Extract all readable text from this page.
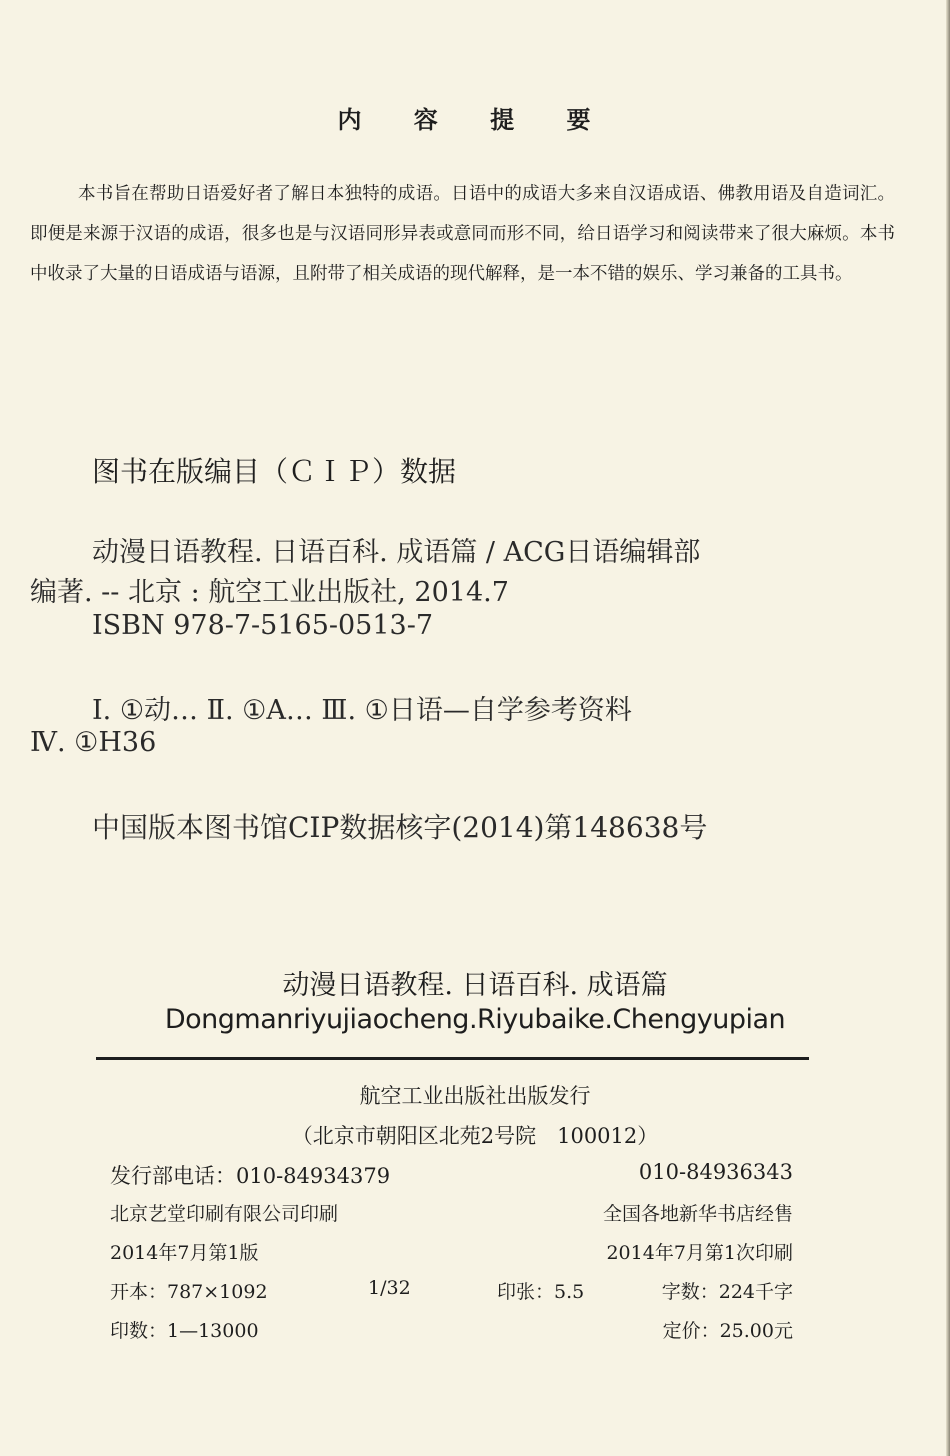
内 容 提 要
本书旨在帮助日语爱好者了解日本独特的成语。日语中的成语大多来自汉语成语、佛教用语及自造词汇。即便是来源于汉语的成语，很多也是与汉语同形异表或意同而形不同，给日语学习和阅读带来了很大麻烦。本书中收录了大量的日语成语与语源，且附带了相关成语的现代解释，是一本不错的娱乐、学习兼备的工具书。
图书在版编目（ＣＩＰ）数据
动漫日语教程. 日语百科. 成语篇 / ACG日语编辑部
编著. -- 北京 : 航空工业出版社, 2014.7
ISBN 978-7-5165-0513-7
Ⅰ. ①动… Ⅱ. ①A… Ⅲ. ①日语—自学参考资料
Ⅳ. ①H36
中国版本图书馆CIP数据核字(2014)第148638号
动漫日语教程. 日语百科. 成语篇
Dongmanriyujiaocheng.Riyubaike.Chengyupian
航空工业出版社出版发行
（北京市朝阳区北苑2号院　100012）
发行部电话：010-84934379	010-84936343
北京艺堂印刷有限公司印刷	全国各地新华书店经售
2014年7月第1版	2014年7月第1次印刷
开本：787×1092	1/32	印张：5.5	字数：224千字
印数：1—13000	定价：25.00元
